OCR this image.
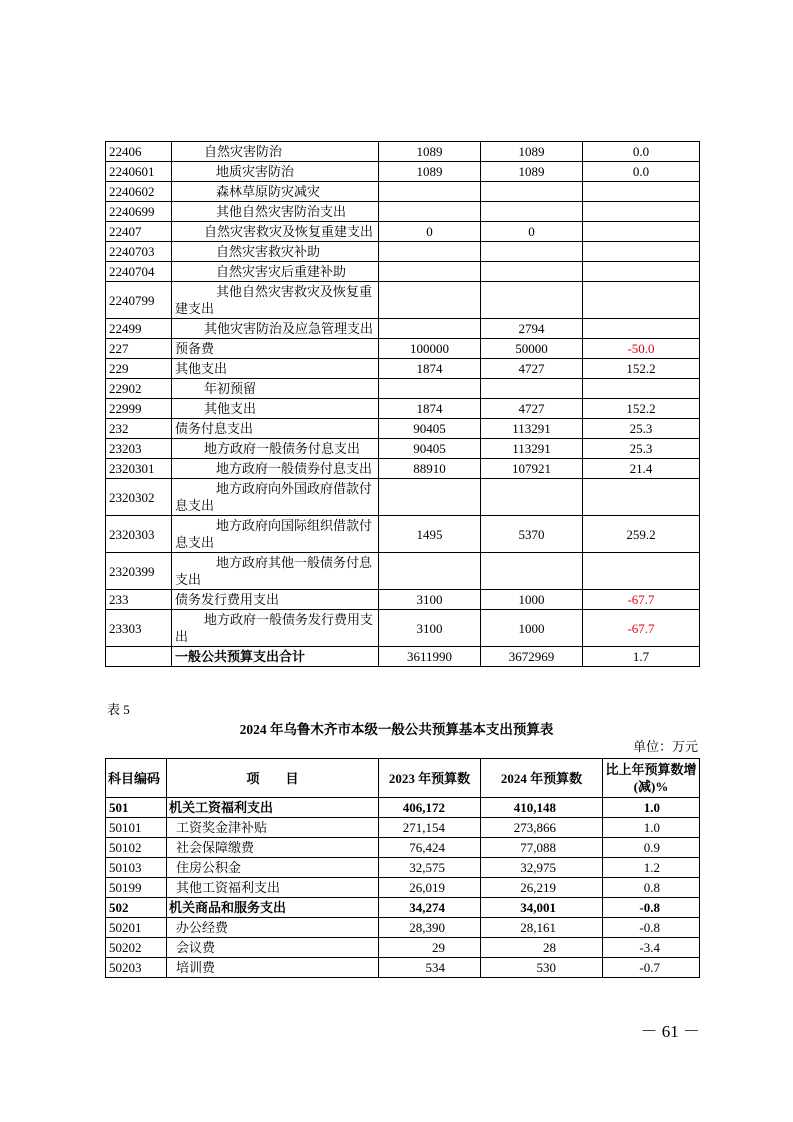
22406	自然灾害防治	1089	1089	0.0
2240601	地质灾害防治	1089	1089	0.0
2240602	森林草原防灾减灾			
2240699	其他自然灾害防治支出			
22407	自然灾害救灾及恢复重建支出	0	0	
2240703	自然灾害救灾补助			
2240704	自然灾害灾后重建补助			
2240799	其他自然灾害救灾及恢复重建支出			
22499	其他灾害防治及应急管理支出		2794	
227	预备费	100000	50000	-50.0
229	其他支出	1874	4727	152.2
22902	年初预留			
22999	其他支出	1874	4727	152.2
232	债务付息支出	90405	113291	25.3
23203	地方政府一般债务付息支出	90405	113291	25.3
2320301	地方政府一般债券付息支出	88910	107921	21.4
2320302	地方政府向外国政府借款付息支出			
2320303	地方政府向国际组织借款付息支出	1495	5370	259.2
2320399	地方政府其他一般债务付息支出			
233	债务发行费用支出	3100	1000	-67.7
23303	地方政府一般债务发行费用支出	3100	1000	-67.7
	一般公共预算支出合计	3611990	3672969	1.7
表 5
2024 年乌鲁木齐市本级一般公共预算基本支出预算表
单位：万元
科目编码	项　　目	2023 年预算数	2024 年预算数	比上年预算数增(减)%
501	机关工资福利支出	406,172	410,148	1.0
50101	工资奖金津补贴	271,154	273,866	1.0
50102	社会保障缴费	76,424	77,088	0.9
50103	住房公积金	32,575	32,975	1.2
50199	其他工资福利支出	26,019	26,219	0.8
502	机关商品和服务支出	34,274	34,001	-0.8
50201	办公经费	28,390	28,161	-0.8
50202	会议费	29	28	-3.4
50203	培训费	534	530	-0.7
－ 61 －
